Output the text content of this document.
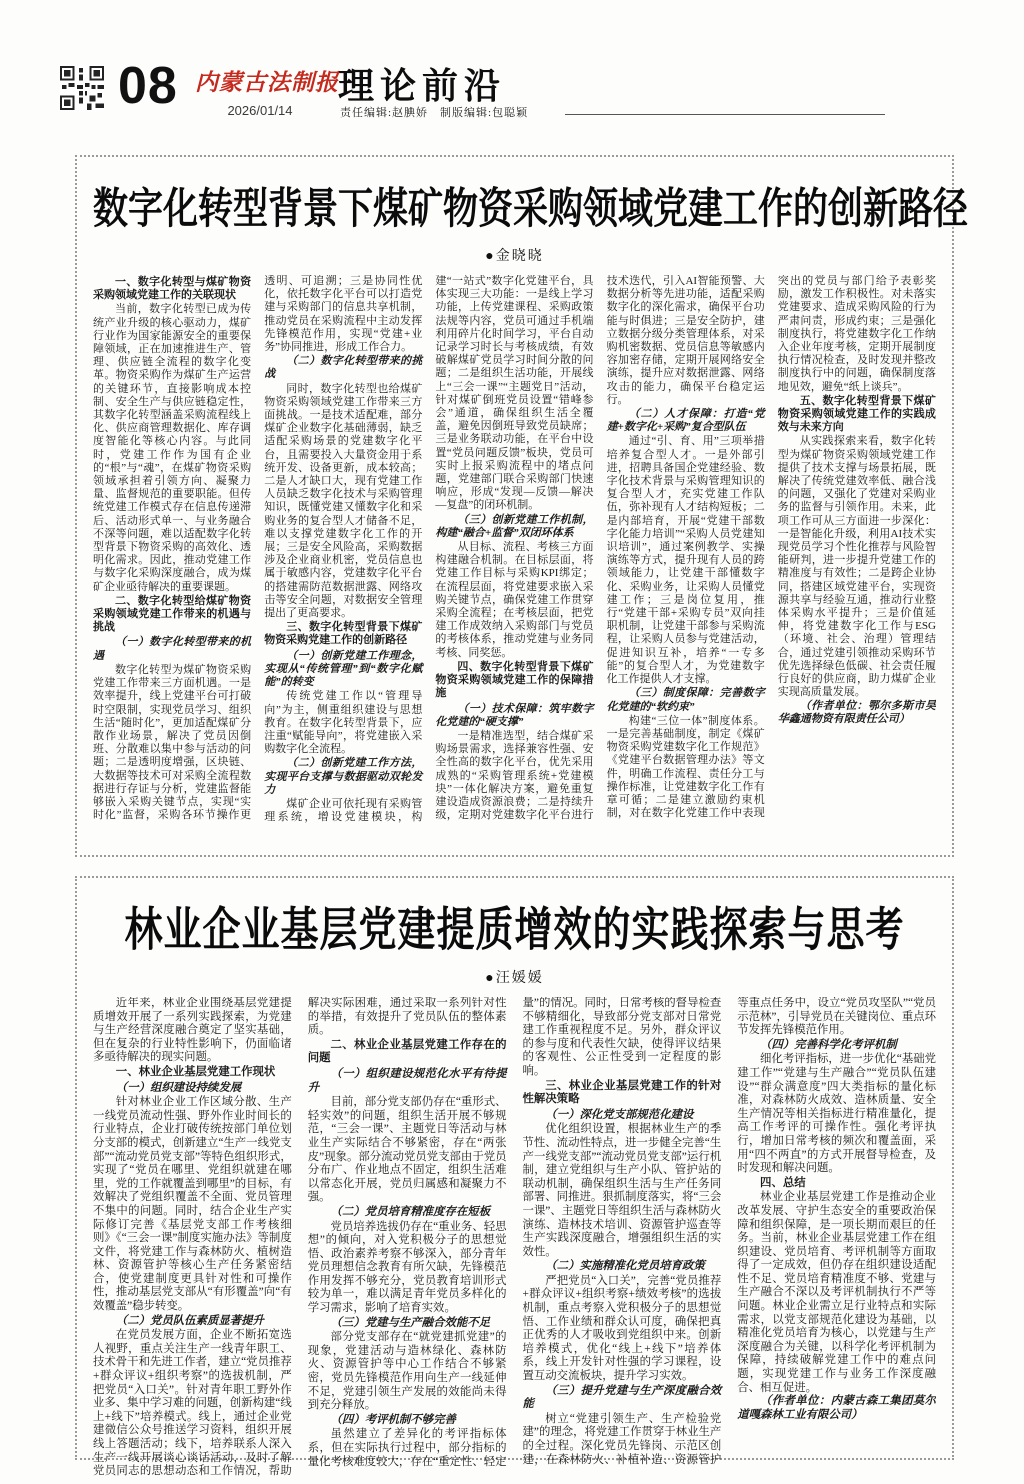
08 内蒙古法制报
2026/01/14
理论前沿
责任编辑:赵腆娇　制版编辑:包聪颖
数字化转型背景下煤矿物资采购领域党建工作的创新路径
●金晓晓
一、数字化转型与煤矿物资采购领域党建工作的关联现状
当前，数字化转型已成为传统产业升级的核心驱动力，煤矿行业作为国家能源安全的重要保障领域，正在加速推进生产、管理、供应链全流程的数字化变革。物资采购作为煤矿生产运营的关键环节，直接影响成本控制、安全生产与供应链稳定性，其数字化转型涵盖采购流程线上化、供应商管理数据化、库存调度智能化等核心内容。与此同时，党建工作作为国有企业的“根”与“魂”，在煤矿物资采购领域承担着引领方向、凝聚力量、监督规范的重要职能。但传统党建工作模式存在信息传递滞后、活动形式单一、与业务融合不深等问题，难以适配数字化转型背景下物资采购的高效化、透明化需求。因此，推动党建工作与数字化采购深度融合，成为煤矿企业亟待解决的重要课题。
二、数字化转型给煤矿物资采购领域党建工作带来的机遇与挑战
（一）数字化转型带来的机遇
数字化转型为煤矿物资采购党建工作带来三方面机遇。一是效率提升，线上党建平台可打破时空限制，实现党员学习、组织生活“随时化”，更加适配煤矿分散作业场景，解决了党员因倒班、分散难以集中参与活动的问题；二是透明度增强，区块链、大数据等技术可对采购全流程数据进行存证与分析，党建监督能够嵌入采购关键节点，实现“实时化”监督，采购各环节操作更透明、可追溯；三是协同性优化，依托数字化平台可以打造党建与采购部门的信息共享机制，推动党员在采购流程中主动发挥先锋模范作用，实现“党建+业务”协同推进，形成工作合力。
（二）数字化转型带来的挑战
同时，数字化转型也给煤矿物资采购领域党建工作带来三方面挑战。一是技术适配难，部分煤矿企业数字化基础薄弱，缺乏适配采购场景的党建数字化平台，且需要投入大量资金用于系统开发、设备更新，成本较高；二是人才缺口大，现有党建工作人员缺乏数字化技术与采购管理知识，既懂党建又懂数字化和采购业务的复合型人才储备不足，难以支撑党建数字化工作的开展；三是安全风险高，采购数据涉及企业商业机密，党员信息也属于敏感内容，党建数字化平台的搭建需防范数据泄露、网络攻击等安全问题，对数据安全管理提出了更高要求。
三、数字化转型背景下煤矿物资采购党建工作的创新路径
（一）创新党建工作理念，实现从“传统管理”到“数字化赋能”的转变
传统党建工作以“管理导向”为主，侧重组织建设与思想教育。在数字化转型背景下，应注重“赋能导向”，将党建嵌入采购数字化全流程。
（二）创新党建工作方法，实现平台支撑与数据驱动双轮发力
煤矿企业可依托现有采购管理系统，增设党建模块，构建“一站式”数字化党建平台，具体实现三大功能：一是线上学习功能，上传党建课程、采购政策法规等内容，党员可通过手机端利用碎片化时间学习，平台自动记录学习时长与考核成绩，有效破解煤矿党员学习时间分散的问题；二是组织生活功能，开展线上“三会一课”“主题党日”活动，针对煤矿倒班党员设置“错峰参会”通道，确保组织生活全覆盖，避免因倒班导致党员缺席；三是业务联动功能，在平台中设置“党员问题反馈”板块，党员可实时上报采购流程中的堵点问题，党建部门联合采购部门快速响应，形成“发现—反馈—解决—复盘”的闭环机制。
（三）创新党建工作机制，构建“融合+监督”双闭环体系
从目标、流程、考核三方面构建融合机制。在目标层面，将党建工作目标与采购KPI绑定；在流程层面，将党建要求嵌入采购关键节点，确保党建工作贯穿采购全流程；在考核层面，把党建工作成效纳入采购部门与党员的考核体系，推动党建与业务同考核、同奖惩。
四、数字化转型背景下煤矿物资采购领域党建工作的保障措施
（一）技术保障：筑牢数字化党建的“硬支撑”
一是精准选型，结合煤矿采购场景需求，选择兼容性强、安全性高的数字化平台，优先采用成熟的“采购管理系统+党建模块”一体化解决方案，避免重复建设造成资源浪费；二是持续升级，定期对党建数字化平台进行技术迭代，引入AI智能预警、大数据分析等先进功能，适配采购数字化的深化需求，确保平台功能与时俱进；三是安全防护，建立数据分级分类管理体系，对采购机密数据、党员信息等敏感内容加密存储，定期开展网络安全演练，提升应对数据泄露、网络攻击的能力，确保平台稳定运行。
（二）人才保障：打造“党建+数字化+采购”复合型队伍
通过“引、育、用”三项举措培养复合型人才。一是外部引进，招聘具备国企党建经验、数字化技术背景与采购管理知识的复合型人才，充实党建工作队伍，弥补现有人才结构短板；二是内部培育，开展“党建干部数字化能力培训”“采购人员党建知识培训”，通过案例教学、实操演练等方式，提升现有人员的跨领域能力，让党建干部懂数字化、采购业务，让采购人员懂党建工作；三是岗位复用，推行“党建干部+采购专员”双向挂职机制，让党建干部参与采购流程，让采购人员参与党建活动，促进知识互补，培养“一专多能”的复合型人才，为党建数字化工作提供人才支撑。
（三）制度保障：完善数字化党建的“软约束”
构建“三位一体”制度体系。一是完善基础制度，制定《煤矿物资采购党建数字化工作规范》《党建平台数据管理办法》等文件，明确工作流程、责任分工与操作标准，让党建数字化工作有章可循；二是建立激励约束机制，对在数字化党建工作中表现突出的党员与部门给予表彰奖励，激发工作积极性。对未落实党建要求、造成采购风险的行为严肃问责，形成约束；三是强化制度执行，将党建数字化工作纳入企业年度考核，定期开展制度执行情况检查，及时发现并整改制度执行中的问题，确保制度落地见效，避免“纸上谈兵”。
五、数字化转型背景下煤矿物资采购领域党建工作的实践成效与未来方向
从实践探索来看，数字化转型为煤矿物资采购领域党建工作提供了技术支撑与场景拓展，既解决了传统党建效率低、融合浅的问题，又强化了党建对采购业务的监督与引领作用。未来，此项工作可从三方面进一步深化：一是智能化升级，利用AI技术实现党员学习个性化推荐与风险智能研判，进一步提升党建工作的精准度与有效性；二是跨企业协同，搭建区域党建平台，实现资源共享与经验互通，推动行业整体采购水平提升；三是价值延伸，将党建数字化工作与ESG（环境、社会、治理）管理结合，通过党建引领推动采购环节优先选择绿色低碳、社会责任履行良好的供应商，助力煤矿企业实现高质量发展。
（作者单位：鄂尔多斯市昊华鑫通物资有限责任公司）
林业企业基层党建提质增效的实践探索与思考
●汪媛媛
近年来，林业企业围绕基层党建提质增效开展了一系列实践探索，为党建与生产经营深度融合奠定了坚实基础，但在复杂的行业特性影响下，仍面临诸多亟待解决的现实问题。
一、林业企业基层党建工作现状
（一）组织建设持续发展
针对林业企业工作区域分散、生产一线党员流动性强、野外作业时间长的行业特点，企业打破传统按部门单位划分支部的模式，创新建立“生产一线党支部”“流动党员党支部”等特色组织形式，实现了“党员在哪里、党组织就建在哪里，党的工作就覆盖到哪里”的目标，有效解决了党组织覆盖不全面、党员管理不集中的问题。同时，结合企业生产实际修订完善《基层党支部工作考核细则》《“三会一课”制度实施办法》等制度文件，将党建工作与森林防火、植树造林、资源管护等核心生产任务紧密结合，使党建制度更具针对性和可操作性，推动基层党支部从“有形覆盖”向“有效覆盖”稳步转变。
（二）党员队伍素质显著提升
在党员发展方面，企业不断拓宽选人视野，重点关注生产一线青年职工、技术骨干和先进工作者，建立“党员推荐+群众评议+组织考察”的选拔机制，严把党员“入口关”。针对青年职工野外作业多、集中学习难的问题，创新构建“线上+线下”培养模式。线上，通过企业党建微信公众号推送学习资料，组织开展线上答题活动；线下，培养联系人深入生产一线开展谈心谈话活动，及时了解党员同志的思想动态和工作情况，帮助解决实际困难，通过采取一系列针对性的举措，有效提升了党员队伍的整体素质。
二、林业企业基层党建工作存在的问题
（一）组织建设规范化水平有待提升
目前，部分党支部仍存在“重形式、轻实效”的问题，组织生活开展不够规范，“三会一课”、主题党日等活动与林业生产实际结合不够紧密，存在“两张皮”现象。部分流动党员党支部由于党员分布广、作业地点不固定，组织生活难以常态化开展，党员归属感和凝聚力不强。
（二）党员培育精准度存在短板
党员培养选拔仍存在“重业务、轻思想”的倾向，对入党积极分子的思想觉悟、政治素养考察不够深入，部分青年党员理想信念教育有所欠缺，先锋模范作用发挥不够充分，党员教育培训形式较为单一，难以满足青年党员多样化的学习需求，影响了培育实效。
（三）党建与生产融合效能不足
部分党支部存在“就党建抓党建”的现象，党建活动与造林绿化、森林防火、资源管护等中心工作结合不够紧密，党员先锋模范作用向生产一线延伸不足，党建引领生产发展的效能尚未得到充分释放。
（四）考评机制不够完善
虽然建立了差异化的考评指标体系，但在实际执行过程中，部分指标的量化考核难度较大，存在“重定性、轻定量”的情况。同时，日常考核的督导检查不够精细化，导致部分党支部对日常党建工作重视程度不足。另外，群众评议的参与度和代表性欠缺，使得评议结果的客观性、公正性受到一定程度的影响。
三、林业企业基层党建工作的针对性解决策略
（一）深化党支部规范化建设
优化组织设置，根据林业生产的季节性、流动性特点，进一步健全完善“生产一线党支部”“流动党员党支部”运行机制，建立党组织与生产小队、管护站的联动机制，确保组织生活与生产任务同部署、同推进。狠抓制度落实，将“三会一课”、主题党日等组织生活与森林防火演练、造林技术培训、资源管护巡查等生产实践深度融合，增强组织生活的实效性。
（二）实施精准化党员培育政策
严把党员“入口关”，完善“党员推荐+群众评议+组织考察+绩效考核”的选拔机制，重点考察入党积极分子的思想觉悟、工作业绩和群众认可度，确保把真正优秀的人才吸收到党组织中来。创新培养模式，优化“线上+线下”培养体系，线上开发针对性强的学习课程，设置互动交流板块，提升学习实效。
（三）提升党建与生产深度融合效能
树立“党建引领生产、生产检验党建”的理念，将党建工作贯穿于林业生产的全过程。深化党员先锋岗、示范区创建，在森林防火、补植补造、资源管护等重点任务中，设立“党员攻坚队”“党员示范林”，引导党员在关键岗位、重点环节发挥先锋模范作用。
（四）完善科学化考评机制
细化考评指标，进一步优化“基础党建工作”“党建与生产融合”“党员队伍建设”“群众满意度”四大类指标的量化标准，对森林防火成效、造林质量、安全生产情况等相关指标进行精准量化，提高工作考评的可操作性。强化考评执行，增加日常考核的频次和覆盖面，采用“四不两直”的方式开展督导检查，及时发现和解决问题。
四、总结
林业企业基层党建工作是推动企业改革发展、守护生态安全的重要政治保障和组织保障，是一项长期而艰巨的任务。当前，林业企业基层党建工作在组织建设、党员培育、考评机制等方面取得了一定成效，但仍存在组织建设适配性不足、党员培育精准度不够、党建与生产融合不深以及考评机制执行不严等问题。林业企业需立足行业特点和实际需求，以党支部规范化建设为基础，以精准化党员培育为核心，以党建与生产深度融合为关键，以科学化考评机制为保障，持续破解党建工作中的难点问题，实现党建工作与业务工作深度融合、相互促进。
（作者单位：内蒙古森工集团莫尔道嘎森林工业有限公司）
